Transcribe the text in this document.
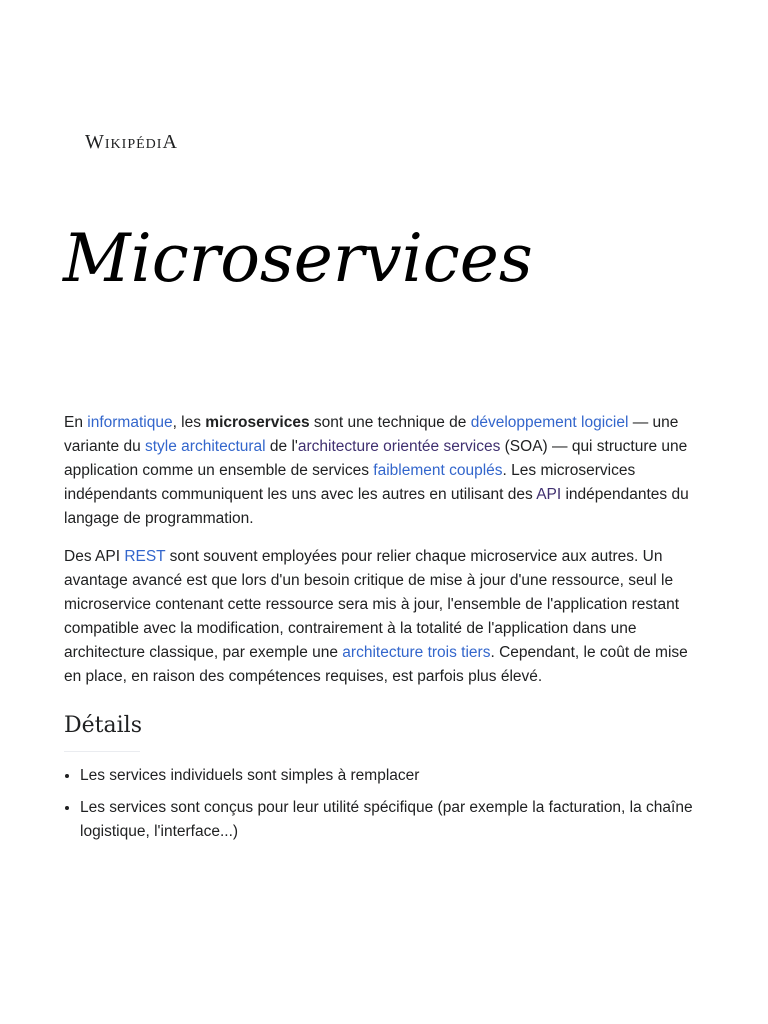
WikipédiA
Microservices

En informatique, les microservices sont une technique de développement logiciel — une variante du style architectural de l'architecture orientée services (SOA) — qui structure une application comme un ensemble de services faiblement couplés. Les microservices indépendants communiquent les uns avec les autres en utilisant des API indépendantes du langage de programmation.

Des API REST sont souvent employées pour relier chaque microservice aux autres. Un avantage avancé est que lors d'un besoin critique de mise à jour d'une ressource, seul le microservice contenant cette ressource sera mis à jour, l'ensemble de l'application restant compatible avec la modification, contrairement à la totalité de l'application dans une architecture classique, par exemple une architecture trois tiers. Cependant, le coût de mise en place, en raison des compétences requises, est parfois plus élevé.

Détails
• Les services individuels sont simples à remplacer
• Les services sont conçus pour leur utilité spécifique (par exemple la facturation, la chaîne logistique, l'interface...)
